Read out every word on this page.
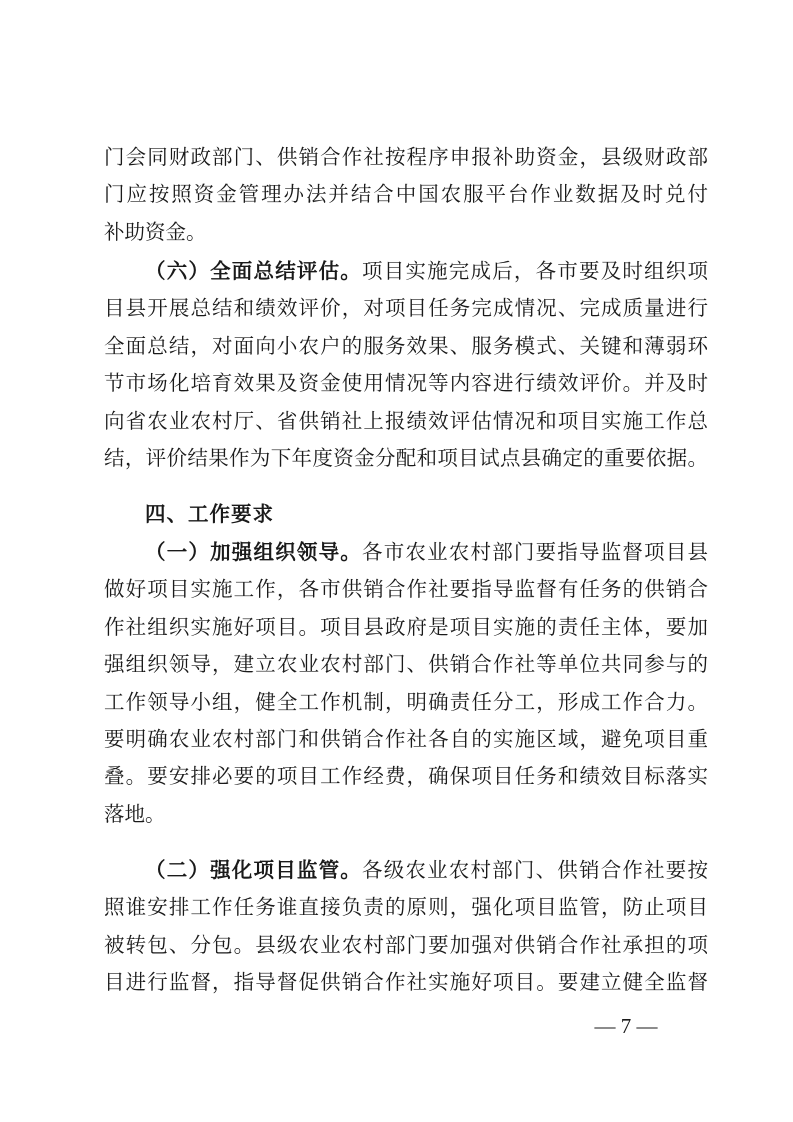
门会同财政部门、供销合作社按程序申报补助资金，县级财政部
门应按照资金管理办法并结合中国农服平台作业数据及时兑付
补助资金。
（六）全面总结评估。项目实施完成后，各市要及时组织项
目县开展总结和绩效评价，对项目任务完成情况、完成质量进行
全面总结，对面向小农户的服务效果、服务模式、关键和薄弱环
节市场化培育效果及资金使用情况等内容进行绩效评价。并及时
向省农业农村厅、省供销社上报绩效评估情况和项目实施工作总
结，评价结果作为下年度资金分配和项目试点县确定的重要依据。
四、工作要求
（一）加强组织领导。各市农业农村部门要指导监督项目县
做好项目实施工作，各市供销合作社要指导监督有任务的供销合
作社组织实施好项目。项目县政府是项目实施的责任主体，要加
强组织领导，建立农业农村部门、供销合作社等单位共同参与的
工作领导小组，健全工作机制，明确责任分工，形成工作合力。
要明确农业农村部门和供销合作社各自的实施区域，避免项目重
叠。要安排必要的项目工作经费，确保项目任务和绩效目标落实
落地。
（二）强化项目监管。各级农业农村部门、供销合作社要按
照谁安排工作任务谁直接负责的原则，强化项目监管，防止项目
被转包、分包。县级农业农村部门要加强对供销合作社承担的项
目进行监督，指导督促供销合作社实施好项目。要建立健全监督
— 7 —
